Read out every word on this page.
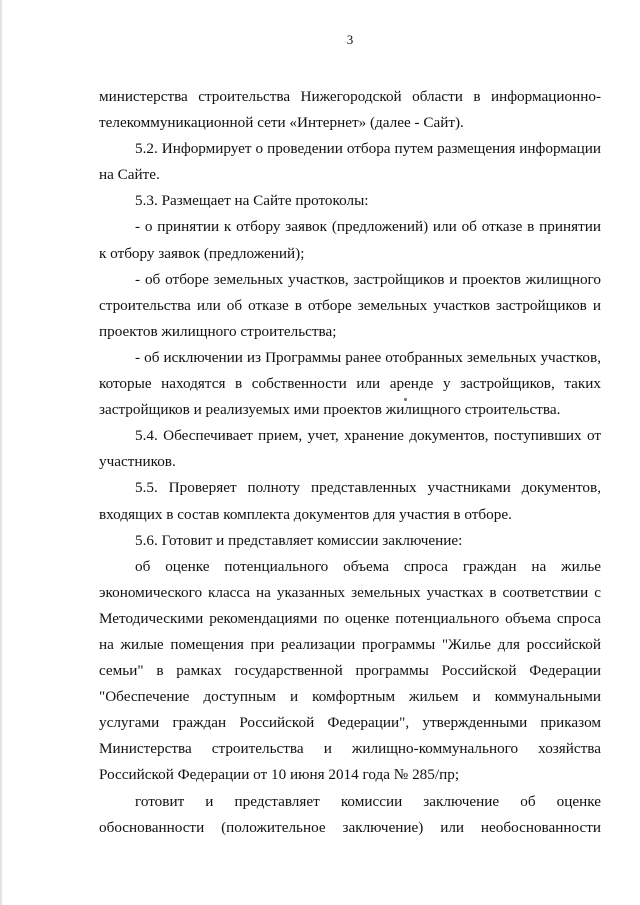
3

министерства строительства Нижегородской области в информационно-телекоммуникационной сети «Интернет» (далее - Сайт).

5.2. Информирует о проведении отбора путем размещения информации на Сайте.

5.3. Размещает на Сайте протоколы:

- о принятии к отбору заявок (предложений) или об отказе в принятии к отбору заявок (предложений);

- об отборе земельных участков, застройщиков и проектов жилищного строительства или об отказе в отборе земельных участков застройщиков и проектов жилищного строительства;

- об исключении из Программы ранее отобранных земельных участков, которые находятся в собственности или аренде у застройщиков, таких застройщиков и реализуемых ими проектов жилищного строительства.

5.4. Обеспечивает прием, учет, хранение документов, поступивших от участников.

5.5. Проверяет полноту представленных участниками документов, входящих в состав комплекта документов для участия в отборе.

5.6. Готовит и представляет комиссии заключение:

об оценке потенциального объема спроса граждан на жилье экономического класса на указанных земельных участках в соответствии с Методическими рекомендациями по оценке потенциального объема спроса на жилые помещения при реализации программы "Жилье для российской семьи" в рамках государственной программы Российской Федерации "Обеспечение доступным и комфортным жильем и коммунальными услугами граждан Российской Федерации", утвержденными приказом Министерства строительства и жилищно-коммунального хозяйства Российской Федерации от 10 июня 2014 года № 285/пр;

готовит и представляет комиссии заключение об оценке обоснованности (положительное заключение) или необоснованности
